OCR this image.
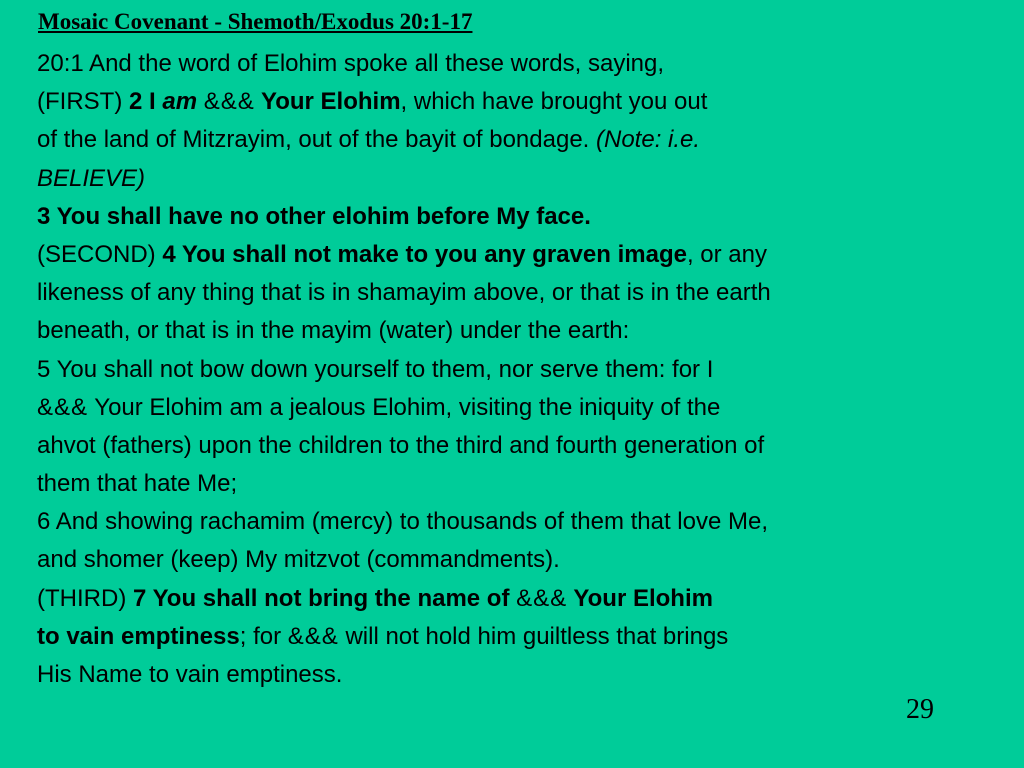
Mosaic Covenant - Shemoth/Exodus 20:1-17
20:1 And the word of Elohim spoke all these words, saying,
(FIRST) 2 I am &&& Your Elohim, which have brought you out
of the land of Mitzrayim, out of the bayit of bondage. (Note: i.e.
BELIEVE)
3 You shall have no other elohim before My face.
(SECOND) 4 You shall not make to you any graven image, or any
likeness of any thing that is in shamayim above, or that is in the earth
beneath, or that is in the mayim (water) under the earth:
5 You shall not bow down yourself to them, nor serve them: for I
&&& Your Elohim am a jealous Elohim, visiting the iniquity of the
ahvot (fathers) upon the children to the third and fourth generation of
them that hate Me;
6 And showing rachamim (mercy) to thousands of them that love Me,
and shomer (keep) My mitzvot (commandments).
(THIRD) 7 You shall not bring the name of &&& Your Elohim
to vain emptiness; for &&& will not hold him guiltless that brings
His Name to vain emptiness.
29
